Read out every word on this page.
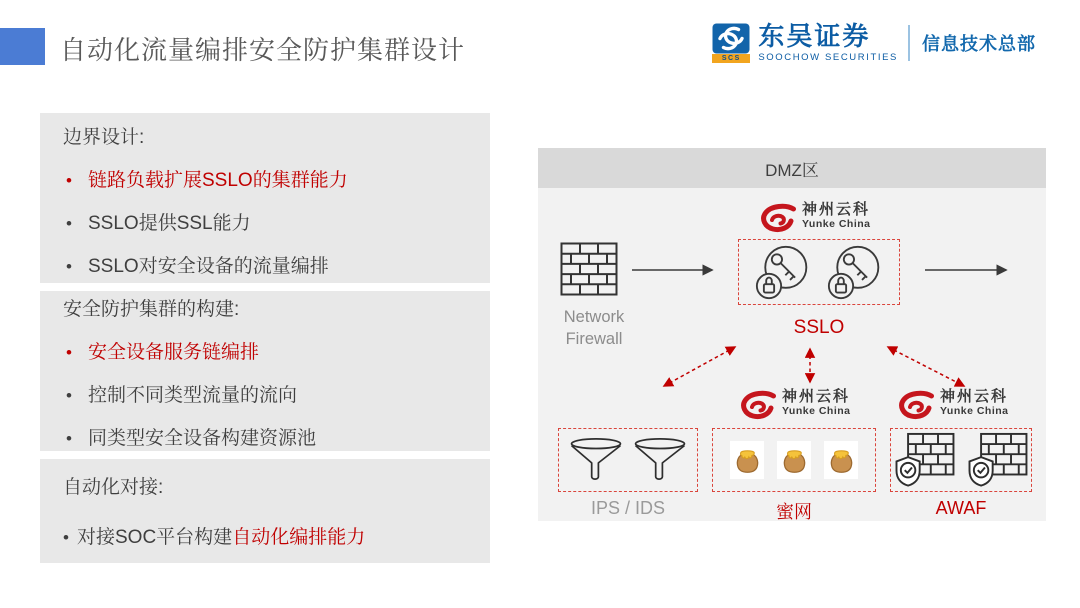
自动化流量编排安全防护集群设计	SCS
东吴证券
SOOCHOW SECURITIES
信息技术总部
边界设计:
• 链路负载扩展SSLO的集群能力
• SSLO提供SSL能力
• SSLO对安全设备的流量编排
安全防护集群的构建:
• 安全设备服务链编排
• 控制不同类型流量的流向
• 同类型安全设备构建资源池
自动化对接:
• 对接SOC平台构建自动化编排能力
DMZ区
Network
Firewall
神州云科
Yunke China
SSLO
IPS / IDS
神州云科
Yunke China
蜜网
神州云科
Yunke China
AWAF
